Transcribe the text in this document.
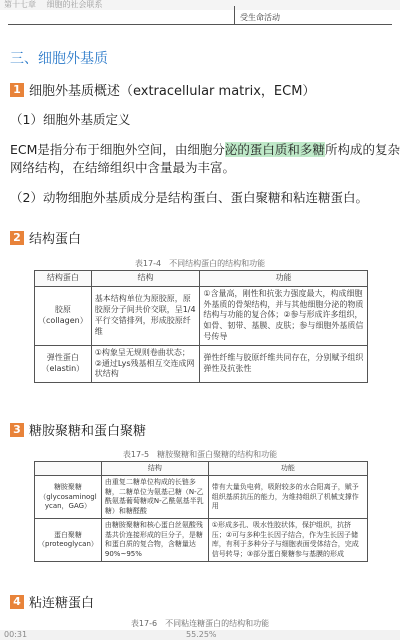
第十七章 细胞的社会联系
受生命活动
三、细胞外基质
1 细胞外基质概述（extracellular matrix，ECM）
（1）细胞外基质定义
ECM是指分布于细胞外空间，由细胞分泌的蛋白质和多糖所构成的复杂
网络结构，在结缔组织中含量最为丰富。
（2）动物细胞外基质成分是结构蛋白、蛋白聚糖和粘连糖蛋白。
2 结构蛋白
表17-4　不同结构蛋白的结构和功能
结构蛋白	结构	功能

胶原
（collagen）	基本结构单位为原胶原，原胶原分子间共价交联，呈1/4平行交错排列，形成胶原纤维	①含量高，刚性和抗张力强度最大，构成细胞外基质的骨架结构，并与其他细胞分泌的物质结构与功能的复合体；②参与形成许多组织，如骨、韧带、基膜、皮肤；参与细胞外基质信号传导

弹性蛋白
（elastin）	①构象呈无规则卷曲状态；②通过Lys残基相互交连成网状结构	弹性纤维与胶原纤维共同存在，分别赋予组织弹性及抗张性
3 糖胺聚糖和蛋白聚糖
表17-5　糖胺聚糖和蛋白聚糖的结构和功能
	结构	功能

糖胺聚糖
（glycosaminogl
ycan，GAG）	由重复二糖单位构成的长链多糖，二糖单位为氨基己糖（N-乙酰氨基葡萄糖或N-乙酰氨基半乳糖）和糖醛酸	带有大量负电荷，吸附较多的水合阳离子，赋予组织基质抗压的能力，为维持组织了机械支撑作用

蛋白聚糖
（proteoglycan）	由糖胺聚糖和核心蛋白丝氨酸残基共价连接形成的巨分子，是糖和蛋白质的复合物，含糖量达90%~95%	①形成多孔、吸水性胶状体，保护组织，抗挤压；②可与多种生长因子结合，作为生长因子储库，有利于多种分子与细胞表面受体结合，完成信号转导；③部分蛋白聚糖参与基膜的形成
4 粘连糖蛋白
表17-6　不同粘连糖蛋白的结构和功能
00:31	55.25%
